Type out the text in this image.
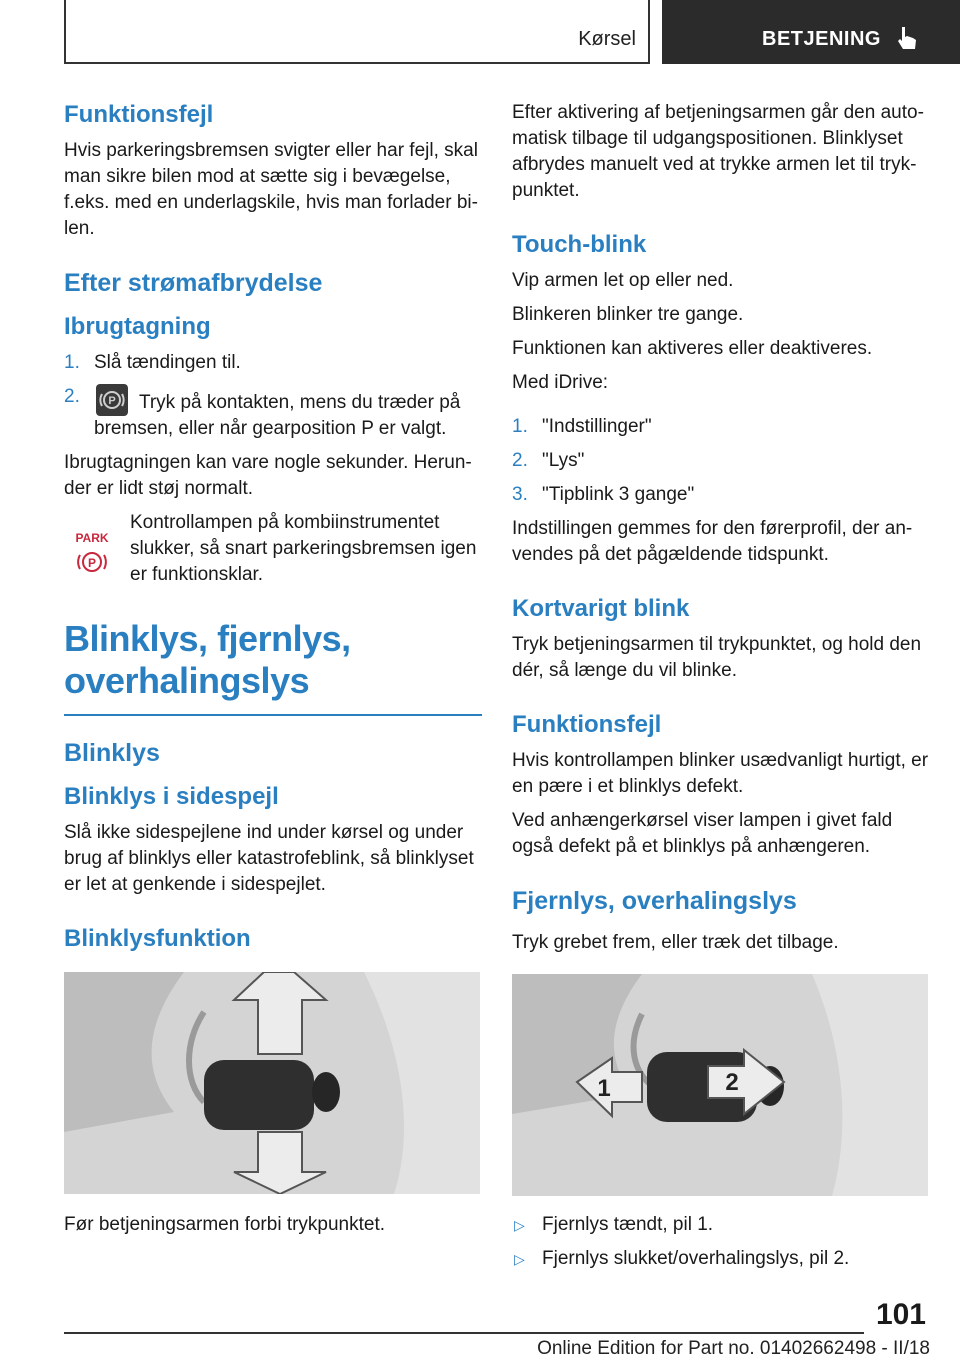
Kørsel	BETJENING
Funktionsfejl

Hvis parkeringsbremsen svigter eller har fejl, skal man sikre bilen mod at sætte sig i bevægelse, f.eks. med en underlagskile, hvis man forlader bi-len.

Efter strømafbrydelse
Ibrugtagning
1. Slå tændingen til.
2.	P Tryk på kontakten, mens du træder på bremsen, eller når gearposition P er valgt.

Ibrugtagningen kan vare nogle sekunder. Herun-der er lidt støj normalt.

PARK
P
Kontrollampen på kombiinstrumentet slukker, så snart parkeringsbremsen igen er funktionsklar.
Blinklys, fjernlys,
overhalingslys
Blinklys
Blinklys i sidespejl

Slå ikke sidespejlene ind under kørsel og under brug af blinklys eller katastrofeblink, så blinklyset er let at genkende i sidespejlet.

Blinklysfunktion

Før betjeningsarmen forbi trykpunktet.

Efter aktivering af betjeningsarmen går den auto-matisk tilbage til udgangspositionen. Blinklyset afbrydes manuelt ved at trykke armen let til tryk-punktet.

Touch-blink

Vip armen let op eller ned.

Blinkeren blinker tre gange.

Funktionen kan aktiveres eller deaktiveres.

Med iDrive:

1. "Indstillinger"
2. "Lys"
3. "Tipblink 3 gange"

Indstillingen gemmes for den førerprofil, der an-vendes på det pågældende tidspunkt.

Kortvarigt blink

Tryk betjeningsarmen til trykpunktet, og hold den dér, så længe du vil blinke.

Funktionsfejl

Hvis kontrollampen blinker usædvanligt hurtigt, er en pære i et blinklys defekt.

Ved anhængerkørsel viser lampen i givet fald også defekt på et blinklys på anhængeren.

Fjernlys, overhalingslys

Tryk grebet frem, eller træk det tilbage.

1	2
▷ Fjernlys tændt, pil 1.
▷ Fjernlys slukket/overhalingslys, pil 2.
101
Online Edition for Part no. 01402662498 - II/18
